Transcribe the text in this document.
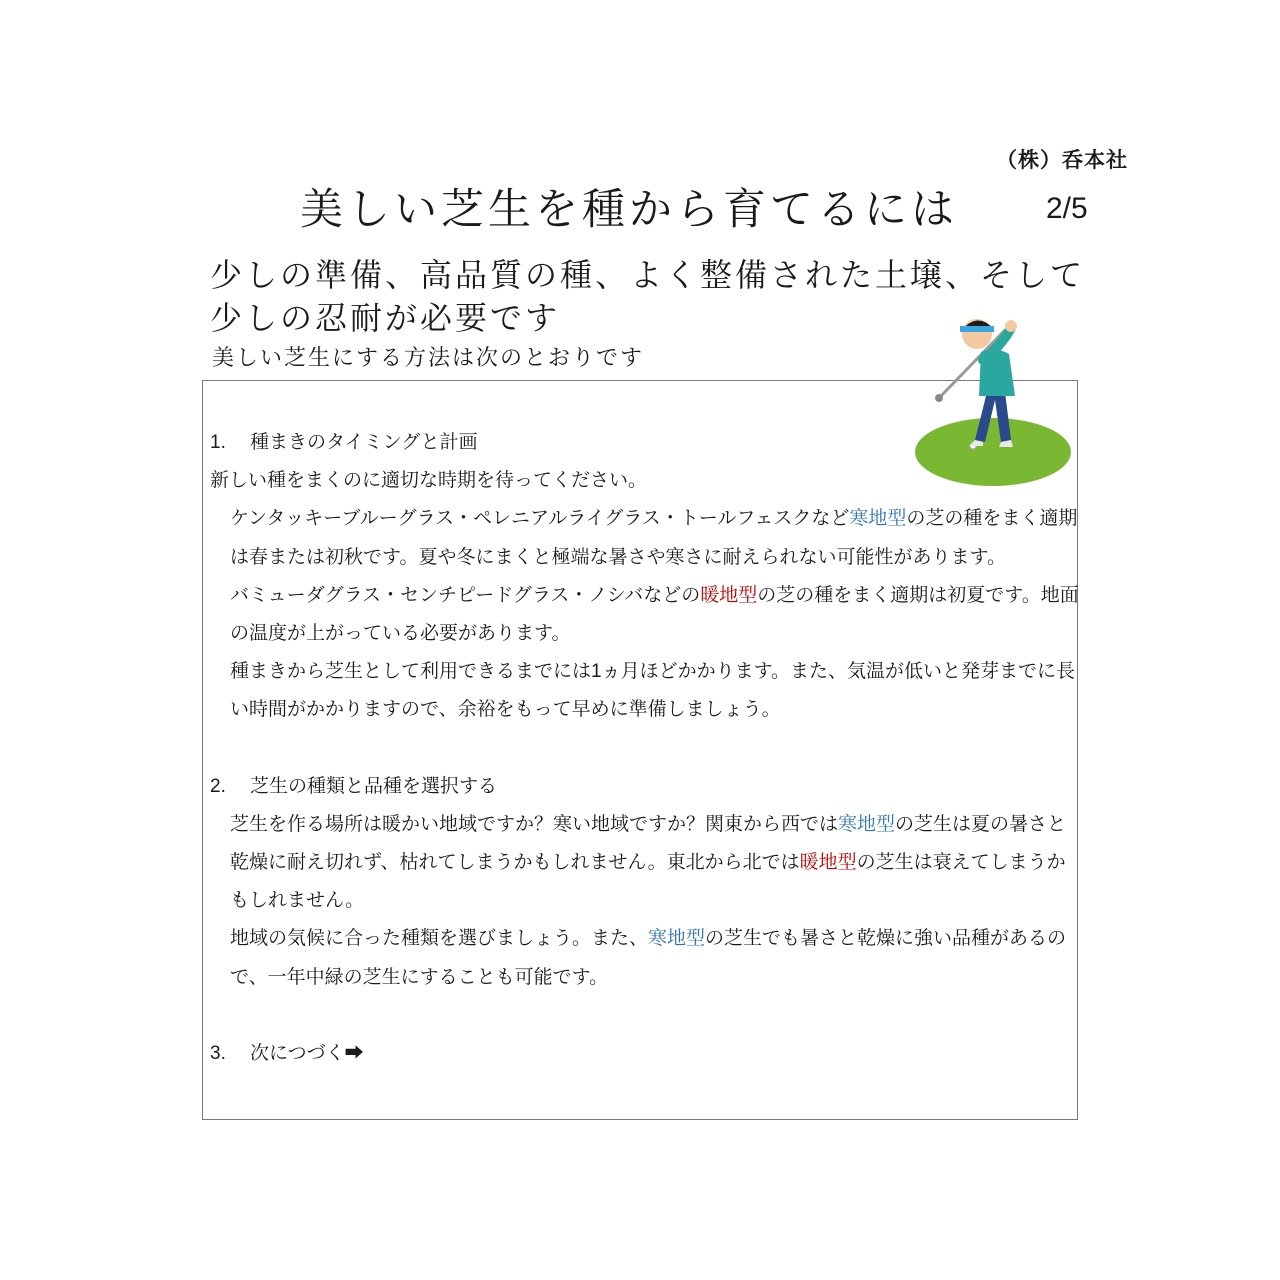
（株）呑本社
美しい芝生を種から育てるには	2/5
少しの準備、高品質の種、よく整備された土壌、そして少しの忍耐が必要です
美しい芝生にする方法は次のとおりです

1. 種まきのタイミングと計画

新しい種をまくのに適切な時期を待ってください。

ケンタッキーブルーグラス・ペレニアルライグラス・トールフェスクなど寒地型の芝の種をまく適期は春または初秋です。夏や冬にまくと極端な暑さや寒さに耐えられない可能性があります。

バミューダグラス・センチピードグラス・ノシバなどの暖地型の芝の種をまく適期は初夏です。地面の温度が上がっている必要があります。

種まきから芝生として利用できるまでには1ヵ月ほどかかります。また、気温が低いと発芽までに長い時間がかかりますので、余裕をもって早めに準備しましょう。

2. 芝生の種類と品種を選択する

芝生を作る場所は暖かい地域ですか？寒い地域ですか？関東から西では寒地型の芝生は夏の暑さと乾燥に耐え切れず、枯れてしまうかもしれません。東北から北では暖地型の芝生は衰えてしまうかもしれません。

地域の気候に合った種類を選びましょう。また、寒地型の芝生でも暑さと乾燥に強い品種があるので、一年中緑の芝生にすることも可能です。

3. 次につづく➡
